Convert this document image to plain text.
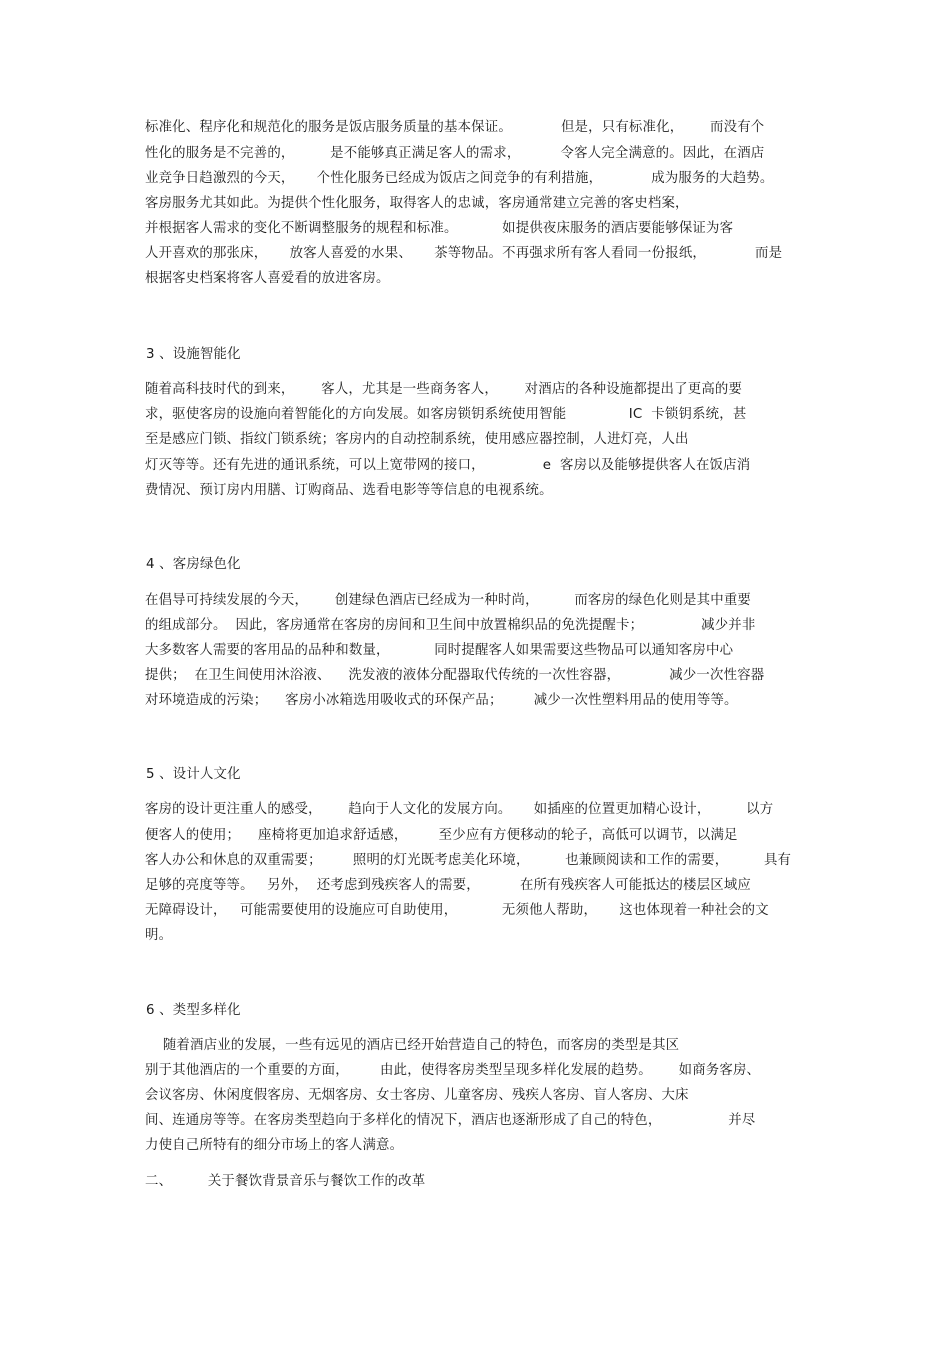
标准化、程序化和规范化的服务是饭店服务质量的基本保证。           但是，只有标准化，      而没有个
性化的服务是不完善的，        是不能够真正满足客人的需求，         令客人完全满意的。因此，在酒店
业竞争日趋激烈的今天，     个性化服务已经成为饭店之间竞争的有利措施，           成为服务的大趋势。
客房服务尤其如此。为提供个性化服务，取得客人的忠诚，客房通常建立完善的客史档案，
并根据客人需求的变化不断调整服务的规程和标准。          如提供夜床服务的酒店要能够保证为客
人开喜欢的那张床，     放客人喜爱的水果、     茶等物品。不再强求所有客人看同一份报纸，           而是
根据客史档案将客人喜爱看的放进客房。
3 、设施智能化
随着高科技时代的到来，      客人，尤其是一些商务客人，      对酒店的各种设施都提出了更高的要
求，驱使客房的设施向着智能化的方向发展。如客房锁钥系统使用智能              IC  卡锁钥系统，甚
至是感应门锁、指纹门锁系统；客房内的自动控制系统，使用感应器控制，人进灯亮，人出
灯灭等等。还有先进的通讯系统，可以上宽带网的接口，             e  客房以及能够提供客人在饭店消
费情况、预订房内用膳、订购商品、选看电影等等信息的电视系统。
4 、客房绿色化
在倡导可持续发展的今天，      创建绿色酒店已经成为一种时尚，        而客房的绿色化则是其中重要
的组成部分。  因此，客房通常在客房的房间和卫生间中放置棉织品的免洗提醒卡；             减少并非
大多数客人需要的客用品的品种和数量，          同时提醒客人如果需要这些物品可以通知客房中心
提供；  在卫生间使用沐浴液、    洗发液的液体分配器取代传统的一次性容器，           减少一次性容器
对环境造成的污染；    客房小冰箱选用吸收式的环保产品；       减少一次性塑料用品的使用等等。
5 、设计人文化
客房的设计更注重人的感受，      趋向于人文化的发展方向。     如插座的位置更加精心设计，        以方
便客人的使用；    座椅将更加追求舒适感，       至少应有方便移动的轮子，高低可以调节，以满足
客人办公和休息的双重需要；       照明的灯光既考虑美化环境，        也兼顾阅读和工作的需要，        具有
足够的亮度等等。   另外，  还考虑到残疾客人的需要，         在所有残疾客人可能抵达的楼层区域应
无障碍设计，   可能需要使用的设施应可自助使用，          无须他人帮助，     这也体现着一种社会的文
明。
6 、类型多样化
随着酒店业的发展，一些有远见的酒店已经开始营造自己的特色，而客房的类型是其区
别于其他酒店的一个重要的方面，       由此，使得客房类型呈现多样化发展的趋势。      如商务客房、
会议客房、休闲度假客房、无烟客房、女士客房、儿童客房、残疾人客房、盲人客房、大床
间、连通房等等。在客房类型趋向于多样化的情况下，酒店也逐渐形成了自己的特色，               并尽
力使自己所特有的细分市场上的客人满意。
二、        关于餐饮背景音乐与餐饮工作的改革
